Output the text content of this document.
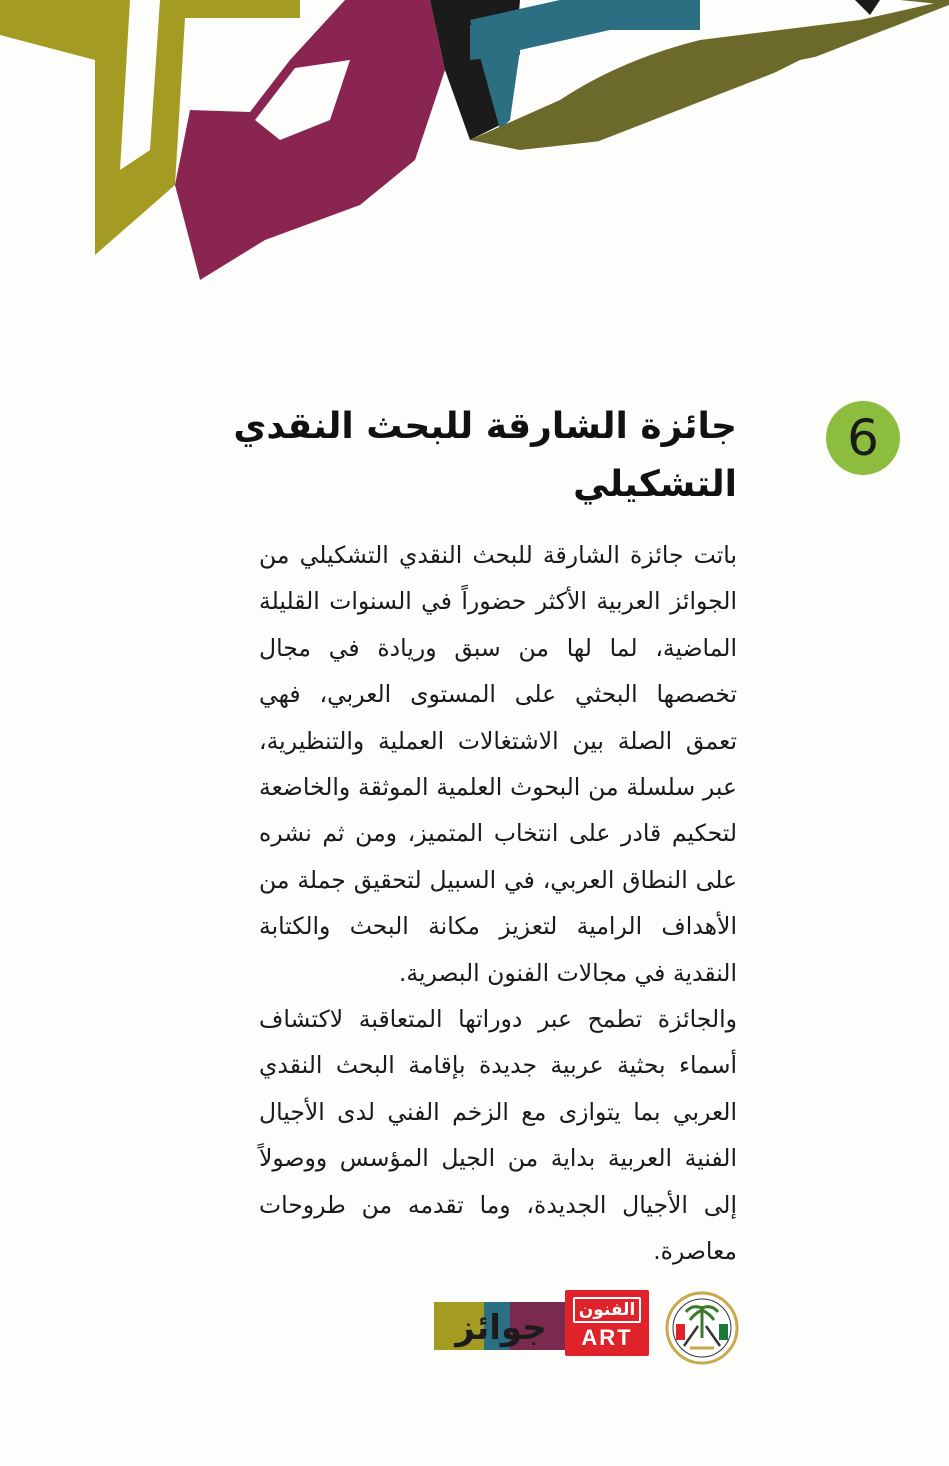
6
جائزة الشارقة للبحث النقدي التشكيلي

باتت جائزة الشارقة للبحث النقدي التشكيلي من الجوائز العربية الأكثر حضوراً في السنوات القليلة الماضية، لما لها من سبق وريادة في مجال تخصصها البحثي على المستوى العربي، فهي تعمق الصلة بين الاشتغالات العملية والتنظيرية، عبر سلسلة من البحوث العلمية الموثقة والخاضعة لتحكيم قادر على انتخاب المتميز، ومن ثم نشره على النطاق العربي، في السبيل لتحقيق جملة من الأهداف الرامية لتعزيز مكانة البحث والكتابة النقدية في مجالات الفنون البصرية.

والجائزة تطمح عبر دوراتها المتعاقبة لاكتشاف أسماء بحثية عربية جديدة بإقامة البحث النقدي العربي بما يتوازى مع الزخم الفني لدى الأجيال الفنية العربية بداية من الجيل المؤسس ووصولاً إلى الأجيال الجديدة، وما تقدمه من طروحات معاصرة.

جوائز	الفنون
ART
